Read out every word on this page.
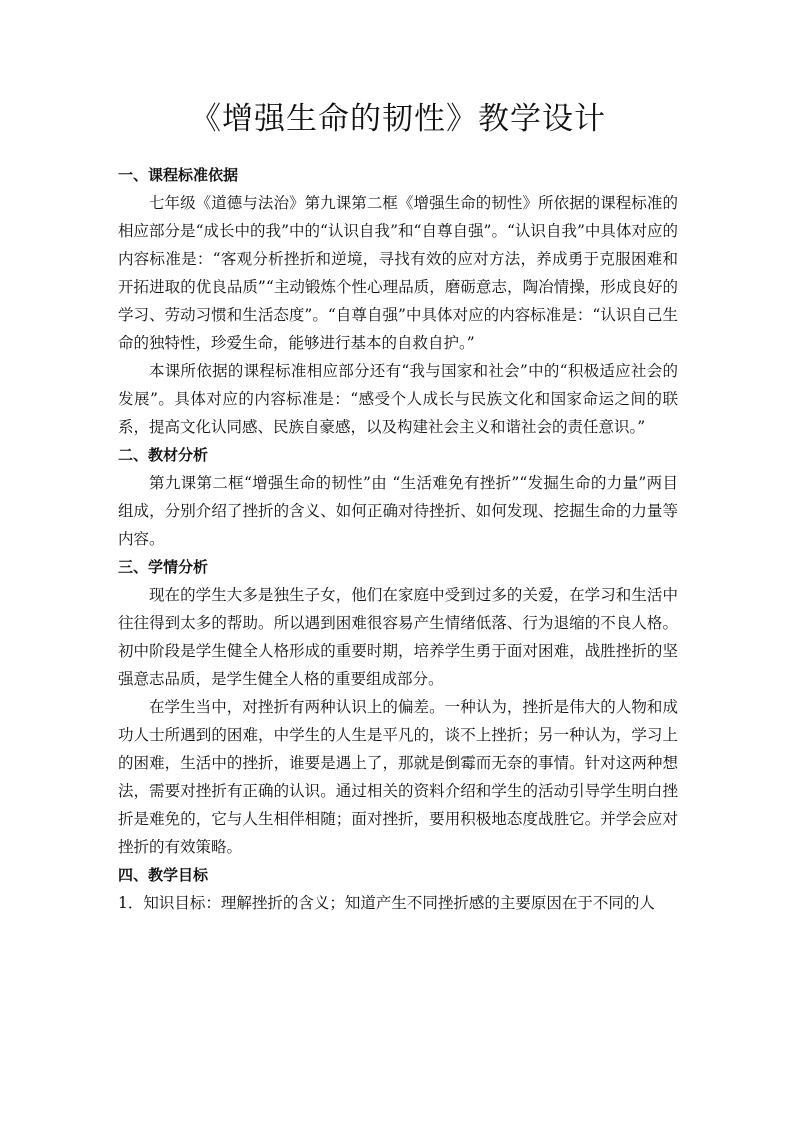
《增强生命的韧性》教学设计

一、课程标准依据

七年级《道德与法治》第九课第二框《增强生命的韧性》所依据的课程标准的相应部分是“成长中的我”中的“认识自我”和“自尊自强”。“认识自我”中具体对应的内容标准是：“客观分析挫折和逆境，寻找有效的应对方法，养成勇于克服困难和开拓进取的优良品质”“主动锻炼个性心理品质，磨砺意志，陶冶情操，形成良好的学习、劳动习惯和生活态度”。“自尊自强”中具体对应的内容标准是：“认识自己生命的独特性，珍爱生命，能够进行基本的自救自护。”

本课所依据的课程标准相应部分还有“我与国家和社会”中的“积极适应社会的发展”。具体对应的内容标准是：“感受个人成长与民族文化和国家命运之间的联系，提高文化认同感、民族自豪感，以及构建社会主义和谐社会的责任意识。”

二、教材分析

第九课第二框“增强生命的韧性”由 “生活难免有挫折”“发掘生命的力量”两目组成，分别介绍了挫折的含义、如何正确对待挫折、如何发现、挖掘生命的力量等内容。

三、学情分析

现在的学生大多是独生子女，他们在家庭中受到过多的关爱，在学习和生活中往往得到太多的帮助。所以遇到困难很容易产生情绪低落、行为退缩的不良人格。初中阶段是学生健全人格形成的重要时期，培养学生勇于面对困难，战胜挫折的坚强意志品质，是学生健全人格的重要组成部分。

在学生当中，对挫折有两种认识上的偏差。一种认为，挫折是伟大的人物和成功人士所遇到的困难，中学生的人生是平凡的，谈不上挫折；另一种认为，学习上的困难，生活中的挫折，谁要是遇上了，那就是倒霉而无奈的事情。针对这两种想法，需要对挫折有正确的认识。通过相关的资料介绍和学生的活动引导学生明白挫折是难免的，它与人生相伴相随；面对挫折，要用积极地态度战胜它。并学会应对挫折的有效策略。

四、教学目标

1．知识目标：理解挫折的含义；知道产生不同挫折感的主要原因在于不同的人
